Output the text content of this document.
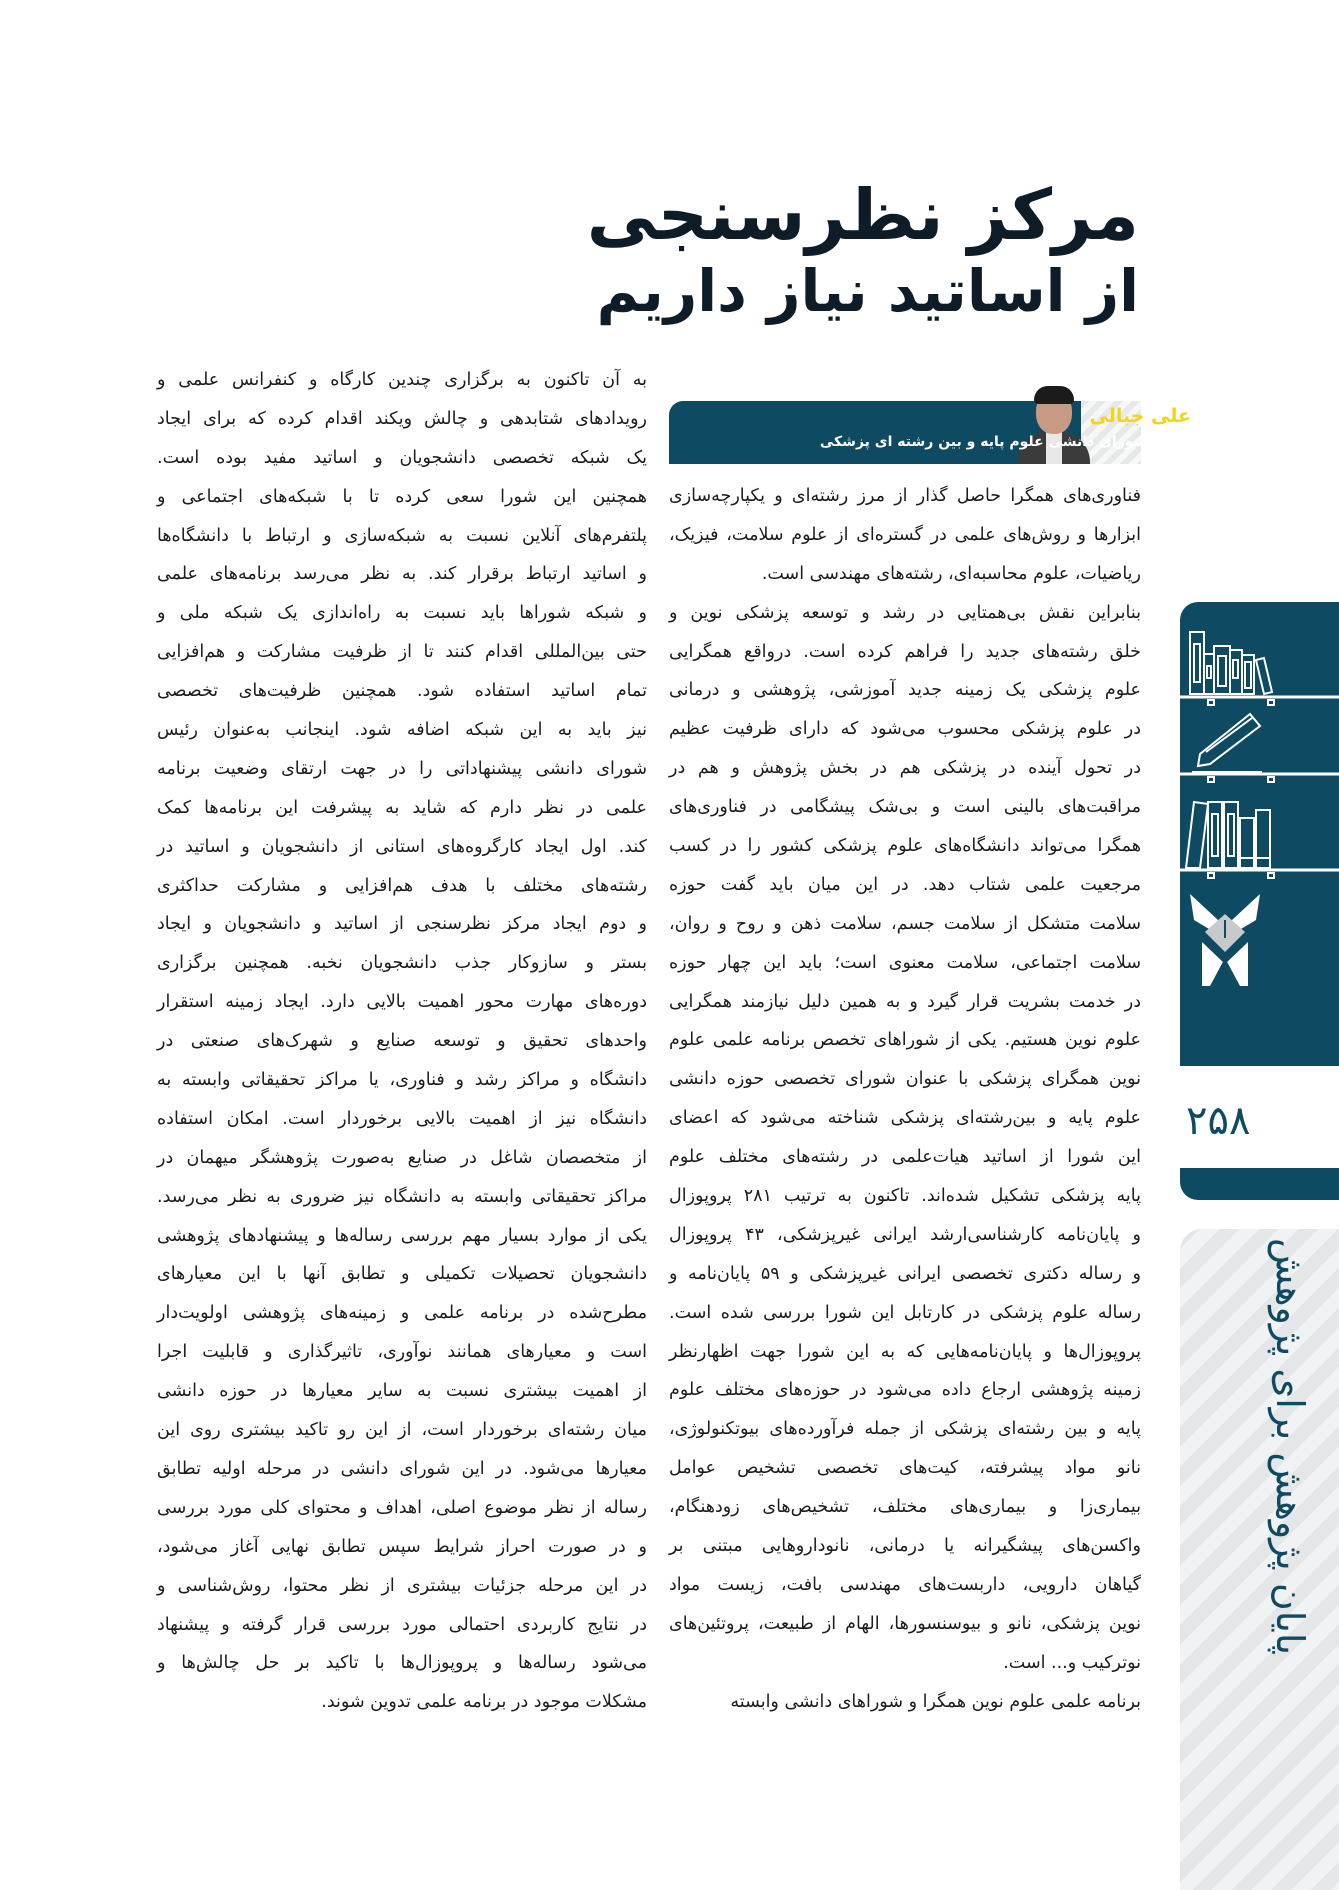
مرکز نظرسنجی
از اساتید نیاز داریم
علی جبالی
رئیس شورای دانشی علوم پایه و بین رشته ای پزشکی
فناوری‌های همگرا حاصل گذار از مرز رشته‌ای و یکپارچه‌سازی
ابزارها و روش‌های علمی در گستره‌ای از علوم سلامت، فیزیک،
ریاضیات، علوم محاسبه‌ای، رشته‌های مهندسی است.
بنابراین نقش بی‌همتایی در رشد و توسعه پزشکی نوین و
خلق رشته‌های جدید را فراهم کرده است. درواقع همگرایی
علوم پزشکی یک زمینه جدید آموزشی، پژوهشی و درمانی
در علوم پزشکی محسوب می‌شود که دارای ظرفیت عظیم
در تحول آینده در پزشکی هم در بخش پژوهش و هم در
مراقبت‌های بالینی است و بی‌شک پیشگامی در فناوری‌های
همگرا می‌تواند دانشگاه‌های علوم پزشکی کشور را در کسب
مرجعیت علمی شتاب دهد. در این میان باید گفت حوزه
سلامت متشکل از سلامت جسم، سلامت ذهن و روح و روان،
سلامت اجتماعی، سلامت معنوی است؛ باید این چهار حوزه
در خدمت بشریت قرار گیرد و به همین دلیل نیازمند همگرایی
علوم نوین هستیم. یکی از شوراهای تخصص برنامه علمی علوم
نوین همگرای پزشکی با عنوان شورای تخصصی حوزه دانشی
علوم پایه و بین‌رشته‌ای پزشکی شناخته می‌شود که اعضای
این شورا از اساتید هیات‌علمی در رشته‌های مختلف علوم
پایه پزشکی تشکیل شده‌اند. تاکنون به ترتیب ۲۸۱ پروپوزال
و پایان‌نامه کارشناسی‌ارشد ایرانی غیرپزشکی، ۴۳ پروپوزال
و رساله دکتری تخصصی ایرانی غیرپزشکی و ۵۹ پایان‌نامه و
رساله علوم پزشکی در کارتابل این شورا بررسی شده است.
پروپوزال‌ها و پایان‌نامه‌هایی که به این شورا جهت اظهارنظر
زمینه پژوهشی ارجاع داده می‌شود در حوزه‌های مختلف علوم
پایه و بین رشته‌ای پزشکی از جمله فرآورده‌های بیوتکنولوژی،
نانو مواد پیشرفته، کیت‌های تخصصی تشخیص عوامل
بیماری‌زا و بیماری‌های مختلف، تشخیص‌های زودهنگام،
واکسن‌های پیشگیرانه یا درمانی، نانوداروهایی مبتنی بر
گیاهان دارویی، داربست‌های مهندسی بافت، زیست مواد
نوین پزشکی، نانو و بیوسنسورها، الهام از طبیعت، پروتئین‌های
نوترکیب و... است.
برنامه علمی علوم نوین همگرا و شوراهای دانشی وابسته
به آن تاکنون به برگزاری چندین کارگاه و کنفرانس علمی و
رویدادهای شتابدهی و چالش ویکند اقدام کرده که برای ایجاد
یک شبکه تخصصی دانشجویان و اساتید مفید بوده است.
همچنین این شورا سعی کرده تا با شبکه‌های اجتماعی و
پلتفرم‌های آنلاین نسبت به شبکه‌سازی و ارتباط با دانشگاه‌ها
و اساتید ارتباط برقرار کند. به نظر می‌رسد برنامه‌های علمی
و شبکه شوراها باید نسبت به راه‌اندازی یک شبکه ملی و
حتی بین‌المللی اقدام کنند تا از ظرفیت مشارکت و هم‌افزایی
تمام اساتید استفاده شود. همچنین ظرفیت‌های تخصصی
نیز باید به این شبکه اضافه شود. اینجانب به‌عنوان رئیس
شورای دانشی پیشنهاداتی را در جهت ارتقای وضعیت برنامه
علمی در نظر دارم که شاید به پیشرفت این برنامه‌ها کمک
کند. اول ایجاد کارگروه‌های استانی از دانشجویان و اساتید در
رشته‌های مختلف با هدف هم‌افزایی و مشارکت حداکثری
و دوم ایجاد مرکز نظرسنجی از اساتید و دانشجویان و ایجاد
بستر و سازوکار جذب دانشجویان نخبه. همچنین برگزاری
دوره‌های مهارت محور اهمیت بالایی دارد. ایجاد زمینه استقرار
واحدهای تحقیق و توسعه صنایع و شهرک‌های صنعتی در
دانشگاه و مراکز رشد و فناوری، یا مراکز تحقیقاتی وابسته به
دانشگاه نیز از اهمیت بالایی برخوردار است. امکان استفاده
از متخصصان شاغل در صنایع به‌صورت پژوهشگر میهمان در
مراکز تحقیقاتی وابسته به دانشگاه نیز ضروری به نظر می‌رسد.
یکی از موارد بسیار مهم بررسی رساله‌ها و پیشنهادهای پژوهشی
دانشجویان تحصیلات تکمیلی و تطابق آنها با این معیارهای
مطرح‌شده در برنامه علمی و زمینه‌های پژوهشی اولویت‌دار
است و معیارهای همانند نوآوری، تاثیرگذاری و قابلیت اجرا
از اهمیت بیشتری نسبت به سایر معیارها در حوزه دانشی
میان رشته‌ای برخوردار است، از این رو تاکید بیشتری روی این
معیارها می‌شود. در این شورای دانشی در مرحله اولیه تطابق
رساله از نظر موضوع اصلی، اهداف و محتوای کلی مورد بررسی
و در صورت احراز شرایط سپس تطابق نهایی آغاز می‌شود،
در این مرحله جزئیات بیشتری از نظر محتوا، روش‌شناسی و
در نتایج کاربردی احتمالی مورد بررسی قرار گرفته و پیشنهاد
می‌شود رساله‌ها و پروپوزال‌ها با تاکید بر حل چالش‌ها و
مشکلات موجود در برنامه علمی تدوین شوند.
۲۵۸
پایان پژوهش برای پژوهش
